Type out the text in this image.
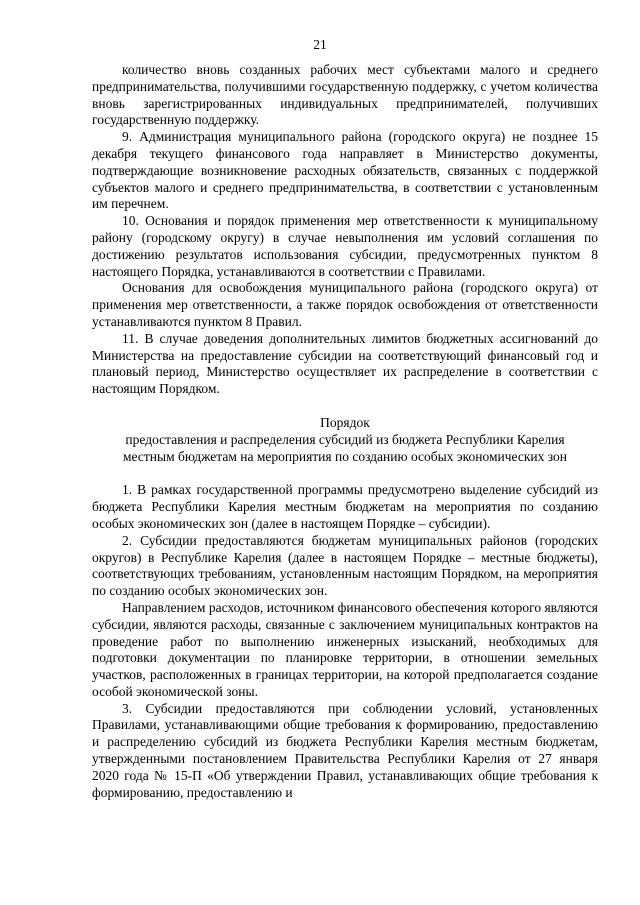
21

количество вновь созданных рабочих мест субъектами малого и среднего предпринимательства, получившими государственную поддержку, с учетом количества вновь зарегистрированных индивидуальных предпринимателей, получивших государственную поддержку.

9. Администрация муниципального района (городского округа) не позднее 15 декабря текущего финансового года направляет в Министерство документы, подтверждающие возникновение расходных обязательств, связанных с поддержкой субъектов малого и среднего предпринимательства, в соответствии с установленным им перечнем.

10. Основания и порядок применения мер ответственности к муниципальному району (городскому округу) в случае невыполнения им условий соглашения по достижению результатов использования субсидии, предусмотренных пунктом 8 настоящего Порядка, устанавливаются в соответствии с Правилами.

Основания для освобождения муниципального района (городского округа) от применения мер ответственности, а также порядок освобождения от ответственности устанавливаются пунктом 8 Правил.

11. В случае доведения дополнительных лимитов бюджетных ассигнований до Министерства на предоставление субсидии на соответствующий финансовый год и плановый период, Министерство осуществляет их распределение в соответствии с настоящим Порядком.

Порядок

предоставления и распределения субсидий из бюджета Республики Карелия

местным бюджетам на мероприятия по созданию особых экономических зон

1. В рамках государственной программы предусмотрено выделение субсидий из бюджета Республики Карелия местным бюджетам на мероприятия по созданию особых экономических зон (далее в настоящем Порядке – субсидии).

2. Субсидии предоставляются бюджетам муниципальных районов (городских округов) в Республике Карелия (далее в настоящем Порядке – местные бюджеты), соответствующих требованиям, установленным настоящим Порядком, на мероприятия по созданию особых экономических зон.

Направлением расходов, источником финансового обеспечения которого являются субсидии, являются расходы, связанные с заключением муниципальных контрактов на проведение работ по выполнению инженерных изысканий, необходимых для подготовки документации по планировке территории, в отношении земельных участков, расположенных в границах территории, на которой предполагается создание особой экономической зоны.

3. Субсидии предоставляются при соблюдении условий, установленных Правилами, устанавливающими общие требования к формированию, предоставлению и распределению субсидий из бюджета Республики Карелия местным бюджетам, утвержденными постановлением Правительства Республики Карелия от 27 января 2020 года № 15-П «Об утверждении Правил, устанавливающих общие требования к формированию, предоставлению и
